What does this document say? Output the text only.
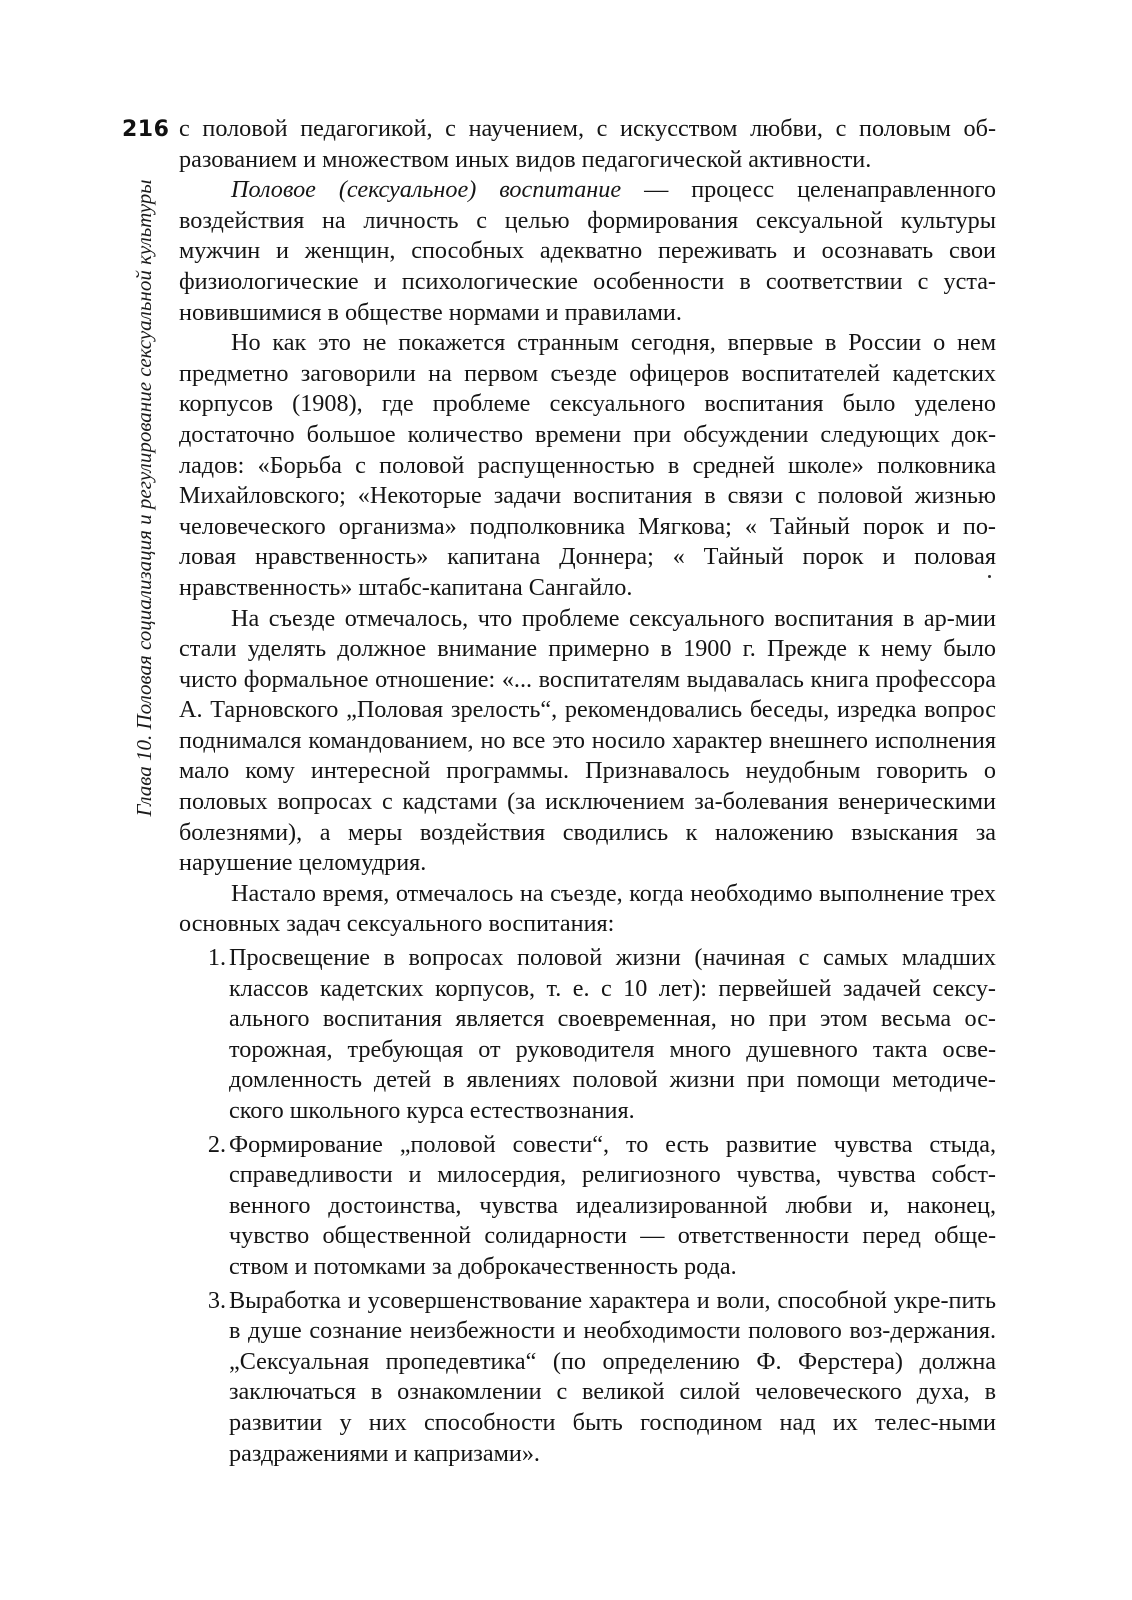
216
Глава 10. Половая социализация и регулирование сексуальной культуры

с половой педагогикой, с научением, с искусством любви, с половым об-разованием и множеством иных видов педагогической активности.

Половое (сексуальное) воспитание — процесс целенаправленного воздействия на личность с целью формирования сексуальной культуры мужчин и женщин, способных адекватно переживать и осознавать свои физиологические и психологические особенности в соответствии с уста-новившимися в обществе нормами и правилами.

Но как это не покажется странным сегодня, впервые в России о нем предметно заговорили на первом съезде офицеров воспитателей кадетских корпусов (1908), где проблеме сексуального воспитания было уделено достаточно большое количество времени при обсуждении следующих док-ладов: «Борьба с половой распущенностью в средней школе» полковника Михайловского; «Некоторые задачи воспитания в связи с половой жизнью человеческого организма» подполковника Мягкова; « Тайный порок и по-ловая нравственность» капитана Доннера; « Тайный порок и половая нравственность» штабс-капитана Сангайло.

На съезде отмечалось, что проблеме сексуального воспитания в ар-мии стали уделять должное внимание примерно в 1900 г. Прежде к нему было чисто формальное отношение: «... воспитателям выдавалась книга профессора А. Тарновского „Половая зрелость“, рекомендовались беседы, изредка вопрос поднимался командованием, но все это носило характер внешнего исполнения мало кому интересной программы. Признавалось неудобным говорить о половых вопросах с кадстами (за исключением за-болевания венерическими болезнями), а меры воздействия сводились к наложению взыскания за нарушение целомудрия.

Настало время, отмечалось на съезде, когда необходимо выполнение трех основных задач сексуального воспитания:

1. Просвещение в вопросах половой жизни (начиная с самых младших классов кадетских корпусов, т. е. с 10 лет): первейшей задачей сексу-ального воспитания является своевременная, но при этом весьма ос-торожная, требующая от руководителя много душевного такта осве-домленность детей в явлениях половой жизни при помощи методиче-ского школьного курса естествознания.
2. Формирование „половой совести“, то есть развитие чувства стыда, справедливости и милосердия, религиозного чувства, чувства собст-венного достоинства, чувства идеализированной любви и, наконец, чувство общественной солидарности — ответственности перед обще-ством и потомками за доброкачественность рода.
3. Выработка и усовершенствование характера и воли, способной укре-пить в душе сознание неизбежности и необходимости полового воз-держания. „Сексуальная пропедевтика“ (по определению Ф. Ферстера) должна заключаться в ознакомлении с великой силой человеческого духа, в развитии у них способности быть господином над их телес-ными раздражениями и капризами».
